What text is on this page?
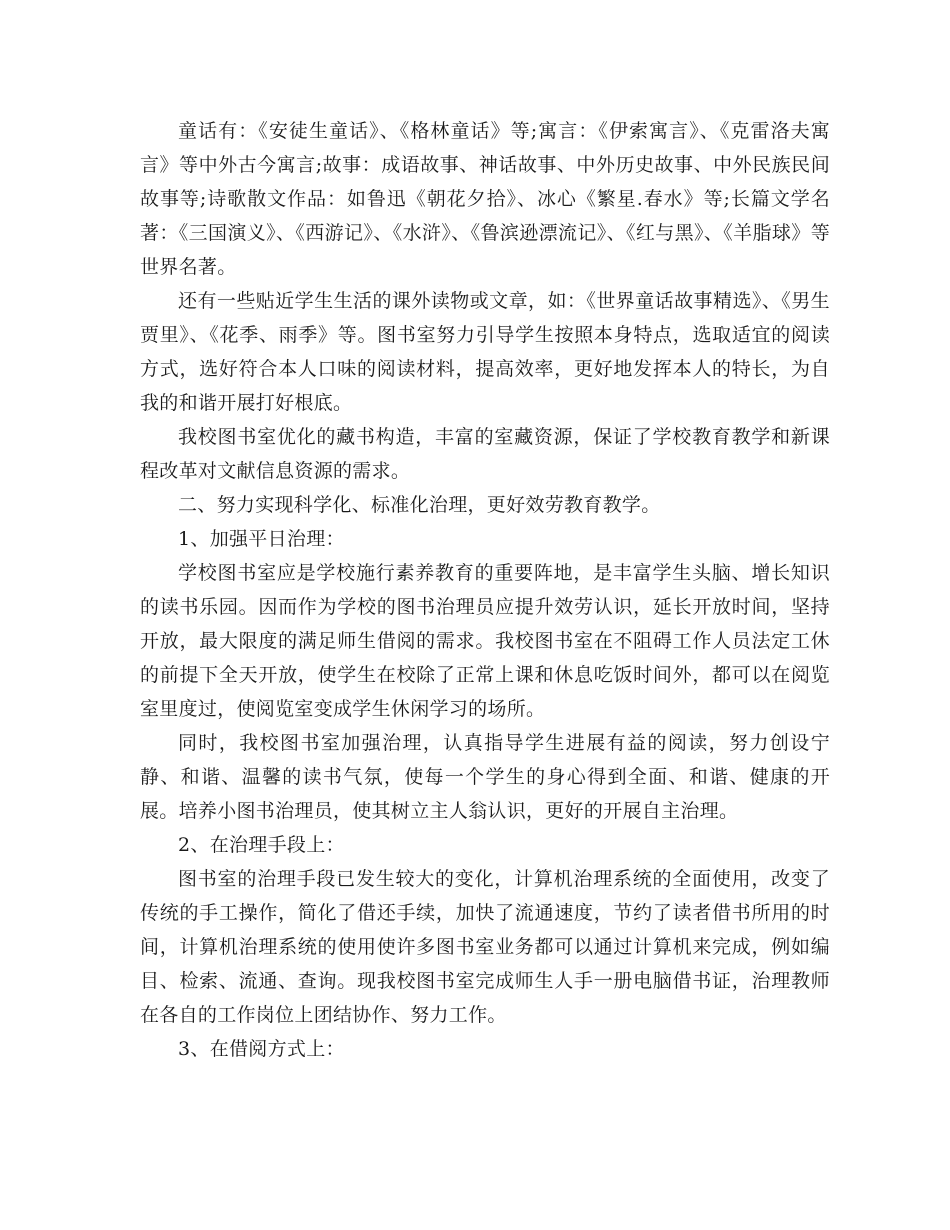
童话有：《安徒生童话》、《格林童话》等;寓言：《伊索寓言》、《克雷洛夫寓言》等中外古今寓言;故事：成语故事、神话故事、中外历史故事、中外民族民间故事等;诗歌散文作品：如鲁迅《朝花夕拾》、冰心《繁星.春水》等;长篇文学名著：《三国演义》、《西游记》、《水浒》、《鲁滨逊漂流记》、《红与黑》、《羊脂球》等世界名著。

还有一些贴近学生生活的课外读物或文章，如：《世界童话故事精选》、《男生贾里》、《花季、雨季》等。图书室努力引导学生按照本身特点，选取适宜的阅读方式，选好符合本人口味的阅读材料，提高效率，更好地发挥本人的特长，为自我的和谐开展打好根底。

我校图书室优化的藏书构造，丰富的室藏资源，保证了学校教育教学和新课程改革对文献信息资源的需求。

二、努力实现科学化、标准化治理，更好效劳教育教学。

1、加强平日治理：

学校图书室应是学校施行素养教育的重要阵地，是丰富学生头脑、增长知识的读书乐园。因而作为学校的图书治理员应提升效劳认识，延长开放时间，坚持开放，最大限度的满足师生借阅的需求。我校图书室在不阻碍工作人员法定工休的前提下全天开放，使学生在校除了正常上课和休息吃饭时间外，都可以在阅览室里度过，使阅览室变成学生休闲学习的场所。

同时，我校图书室加强治理，认真指导学生进展有益的阅读，努力创设宁静、和谐、温馨的读书气氛，使每一个学生的身心得到全面、和谐、健康的开展。培养小图书治理员，使其树立主人翁认识，更好的开展自主治理。

2、在治理手段上：

图书室的治理手段已发生较大的变化，计算机治理系统的全面使用，改变了传统的手工操作，简化了借还手续，加快了流通速度，节约了读者借书所用的时间，计算机治理系统的使用使许多图书室业务都可以通过计算机来完成，例如编目、检索、流通、查询。现我校图书室完成师生人手一册电脑借书证，治理教师在各自的工作岗位上团结协作、努力工作。

3、在借阅方式上：
